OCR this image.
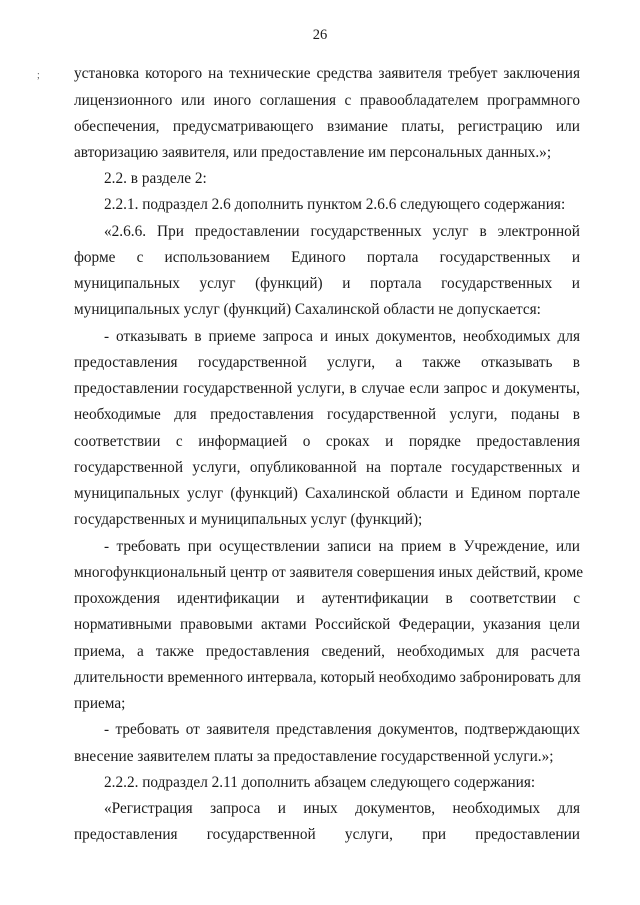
26
; установка которого на технические средства заявителя требует заключения
лицензионного или иного соглашения с правообладателем программного
обеспечения, предусматривающего взимание платы, регистрацию или
авторизацию заявителя, или предоставление им персональных данных.»;
2.2. в разделе 2:
2.2.1. подраздел 2.6 дополнить пунктом 2.6.6 следующего содержания:
«2.6.6. При предоставлении государственных услуг в электронной
форме с использованием Единого портала государственных и
муниципальных услуг (функций) и портала государственных и
муниципальных услуг (функций) Сахалинской области не допускается:
- отказывать в приеме запроса и иных документов, необходимых для
предоставления государственной услуги, а также отказывать в
предоставлении государственной услуги, в случае если запрос и документы,
необходимые для предоставления государственной услуги, поданы в
соответствии с информацией о сроках и порядке предоставления
государственной услуги, опубликованной на портале государственных и
муниципальных услуг (функций) Сахалинской области и Едином портале
государственных и муниципальных услуг (функций);
- требовать при осуществлении записи на прием в Учреждение, или
многофункциональный центр от заявителя совершения иных действий, кроме
прохождения идентификации и аутентификации в соответствии с
нормативными правовыми актами Российской Федерации, указания цели
приема, а также предоставления сведений, необходимых для расчета
длительности временного интервала, который необходимо забронировать для
приема;
- требовать от заявителя представления документов, подтверждающих
внесение заявителем платы за предоставление государственной услуги.»;
2.2.2. подраздел 2.11 дополнить абзацем следующего содержания:
«Регистрация запроса и иных документов, необходимых для
предоставления государственной услуги, при предоставлении
